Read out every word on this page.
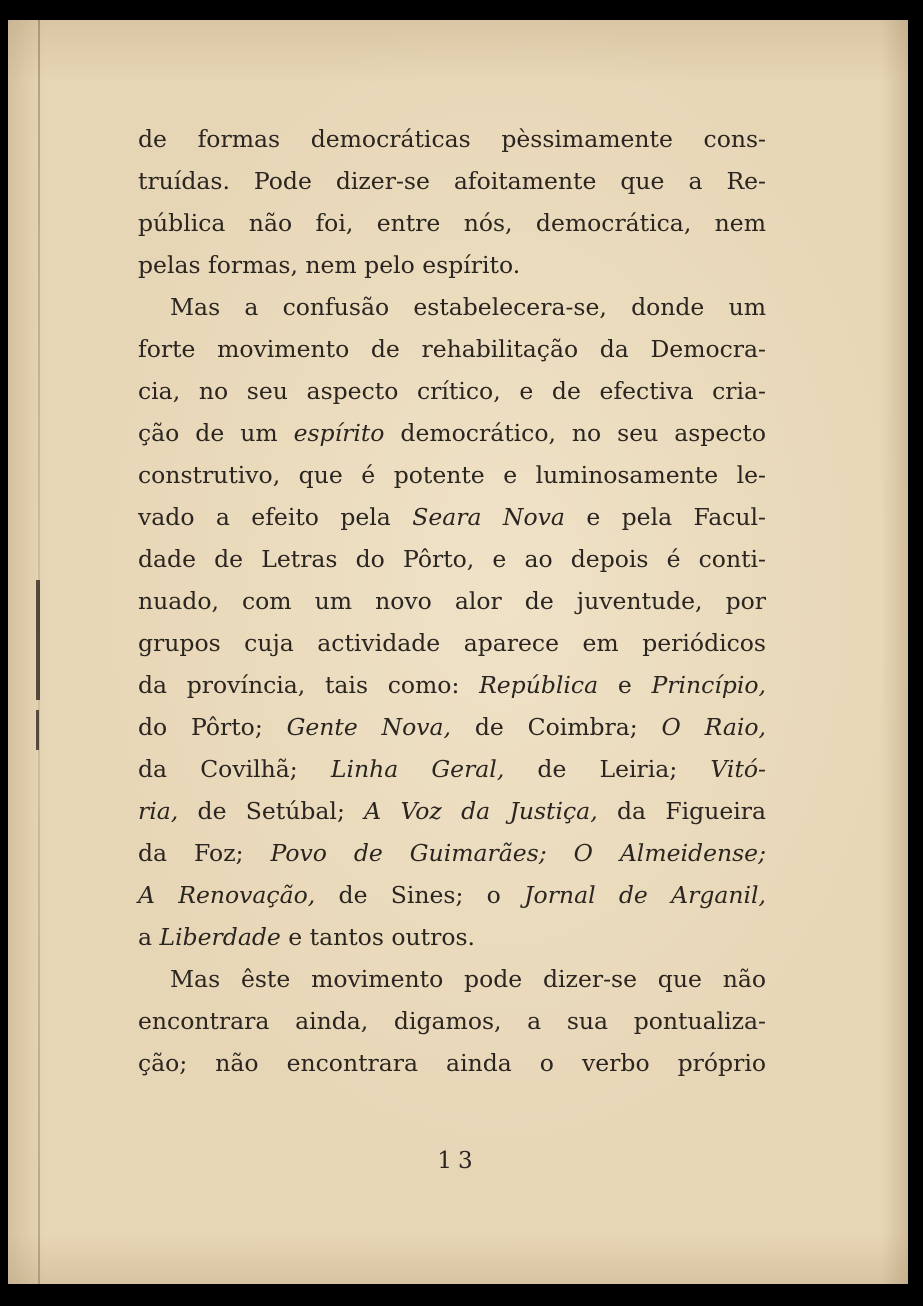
de formas democráticas pèssimamente cons-
truídas. Pode dizer-se afoitamente que a Re-
pública não foi, entre nós, democrática, nem
pelas formas, nem pelo espírito.
Mas a confusão estabelecera-se, donde um
forte movimento de rehabilitação da Democra-
cia, no seu aspecto crítico, e de efectiva cria-
ção de um espírito democrático, no seu aspecto
construtivo, que é potente e luminosamente le-
vado a efeito pela Seara Nova e pela Facul-
dade de Letras do Pôrto, e ao depois é conti-
nuado, com um novo alor de juventude, por
grupos cuja actividade aparece em periódicos
da província, tais como: República e Princípio,
do Pôrto; Gente Nova, de Coimbra; O Raio,
da Covilhã; Linha Geral, de Leiria; Vitó-
ria, de Setúbal; A Voz da Justiça, da Figueira
da Foz; Povo de Guimarães; O Almeidense;
A Renovação, de Sines; o Jornal de Arganil,
a Liberdade e tantos outros.
Mas êste movimento pode dizer-se que não
encontrara ainda, digamos, a sua pontualiza-
ção; não encontrara ainda o verbo próprio
13
